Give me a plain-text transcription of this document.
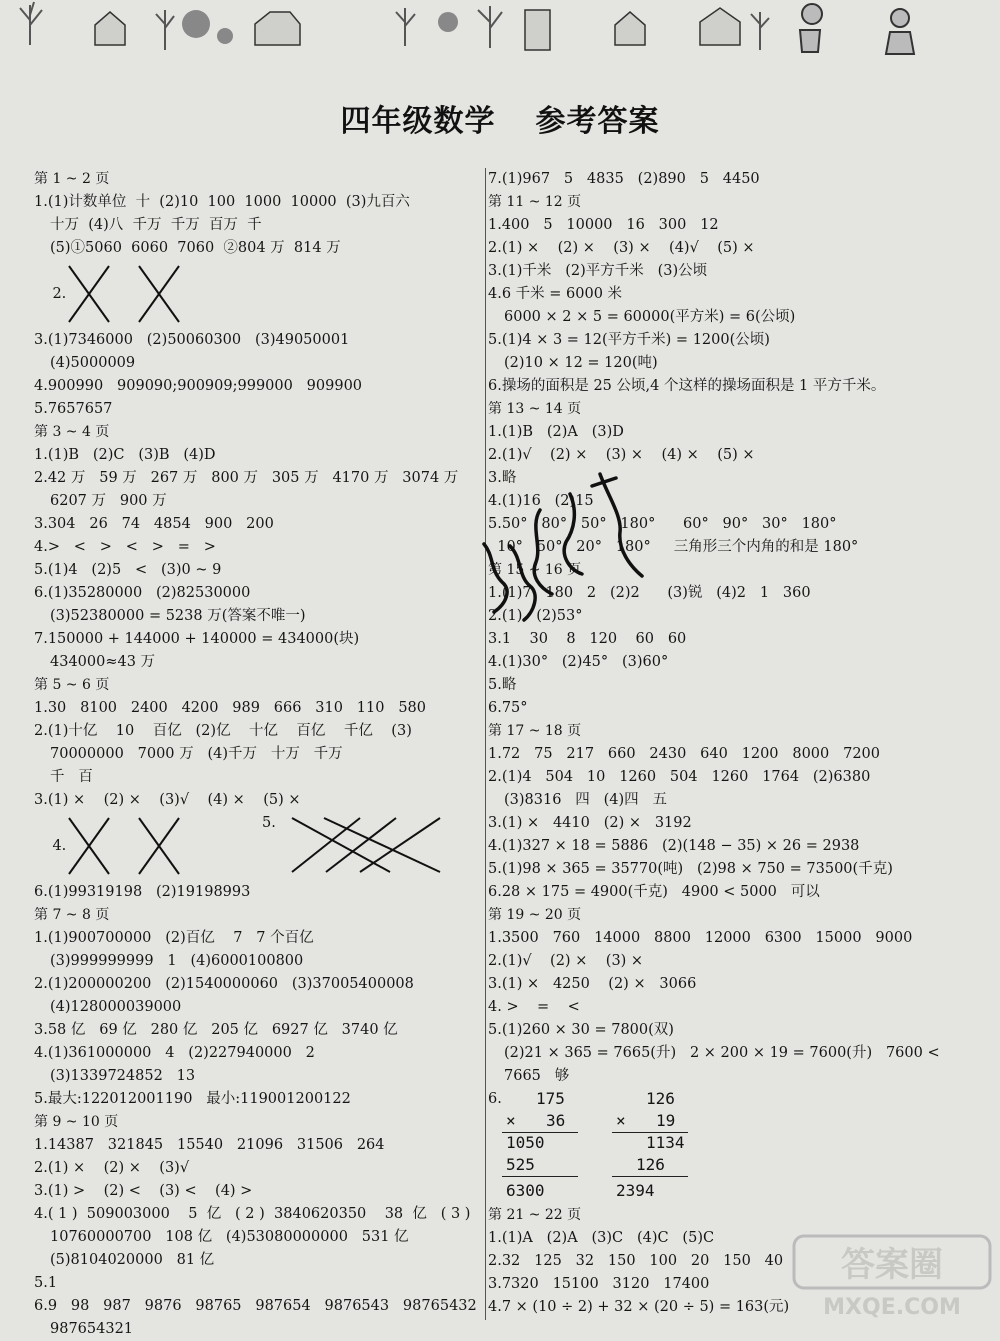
四年级数学 参考答案
第 1 ~ 2 页
1.(1)计数单位  十  (2)10  100  1000  10000  (3)九百六
十万  (4)八  千万  千万  百万  千
(5)①5060  6060  7060  ②804 万  814 万

2.

3.(1)7346000   (2)50060300   (3)49050001
(4)5000009
4.900990   909090;900909;999000   909900
5.7657657
第 3 ~ 4 页
1.(1)B   (2)C   (3)B   (4)D
2.42 万   59 万   267 万   800 万   305 万   4170 万   3074 万
6207 万   900 万
3.304   26   74   4854   900   200
4.>   <   >   <   >   =   >
5.(1)4   (2)5   <   (3)0 ~ 9
6.(1)35280000   (2)82530000
(3)52380000 = 5238 万(答案不唯一)
7.150000 + 144000 + 140000 = 434000(块)
434000≈43 万
第 5 ~ 6 页
1.30   8100   2400   4200   989   666   310   110   580
2.(1)十亿    10    百亿   (2)亿    十亿    百亿    千亿    (3)
70000000   7000 万   (4)千万   十万   千万
千   百
3.(1) ×    (2) ×    (3)√    (4) ×    (5) ×

4.

5.

6.(1)99319198   (2)19198993
第 7 ~ 8 页
1.(1)900700000   (2)百亿    7   7 个百亿
(3)999999999   1   (4)6000100800
2.(1)200000200   (2)1540000060   (3)37005400008
(4)128000039000
3.58 亿   69 亿   280 亿   205 亿   6927 亿   3740 亿
4.(1)361000000   4   (2)227940000   2
(3)1339724852   13
5.最大:122012001190   最小:119001200122
第 9 ~ 10 页
1.14387   321845   15540   21096   31506   264
2.(1) ×    (2) ×    (3)√
3.(1) >    (2) <    (3) <    (4) >
4.( 1 )  509003000    5  亿   ( 2 )  3840620350    38  亿   ( 3 )
10760000700   108 亿   (4)53080000000   531 亿
(5)8104020000   81 亿
5.1
6.9   98   987   9876   98765   987654   9876543   98765432
987654321
7.(1)967   5   4835   (2)890   5   4450
第 11 ~ 12 页
1.400   5   10000   16   300   12
2.(1) ×    (2) ×    (3) ×    (4)√    (5) ×
3.(1)千米   (2)平方千米   (3)公顷
4.6 千米 = 6000 米
6000 × 2 × 5 = 60000(平方米) = 6(公顷)
5.(1)4 × 3 = 12(平方千米) = 1200(公顷)
(2)10 × 12 = 120(吨)
6.操场的面积是 25 公顷,4 个这样的操场面积是 1 平方千米。
第 13 ~ 14 页
1.(1)B   (2)A   (3)D
2.(1)√    (2) ×    (3) ×    (4) ×    (5) ×
3.略
4.(1)16   (2)15
5.50°   80°   50°   180°      60°   90°   30°   180°
10°   50°   20°   180°     三角形三个内角的和是 180°
第 15 ~ 16 页
1.(1)7   180   2   (2)2      (3)锐   (4)2   1   360
2.(1)   (2)53°
3.1    30    8   120    60   60
4.(1)30°   (2)45°   (3)60°
5.略
6.75°
第 17 ~ 18 页
1.72   75   217   660   2430   640   1200   8000   7200
2.(1)4   504   10   1260   504   1260   1764   (2)6380
(3)8316   四   (4)四   五
3.(1) ×   4410   (2) ×   3192
4.(1)327 × 18 = 5886   (2)(148 − 35) × 26 = 2938
5.(1)98 × 365 = 35770(吨)   (2)98 × 750 = 73500(千克)
6.28 × 175 = 4900(千克)   4900 < 5000   可以
第 19 ~ 20 页
1.3500   760   14000   8800   12000   6300   15000   9000
2.(1)√    (2) ×    (3) ×
3.(1) ×   4250    (2) ×   3066
4. >    =    <
5.(1)260 × 30 = 7800(双)
(2)21 × 365 = 7665(升)   2 × 200 × 19 = 7600(升)   7600 <
7665   够
6. 175
× 36
1050
525
126
× 19
1134
126
6300	2394
第 21 ~ 22 页
1.(1)A   (2)A   (3)C   (4)C   (5)C
2.32   125   32   150   100   20   150   40
3.7320   15100   3120   17400
4.7 × (10 ÷ 2) + 32 × (20 ÷ 5) = 163(元)
答案圈
MXQE.COM
